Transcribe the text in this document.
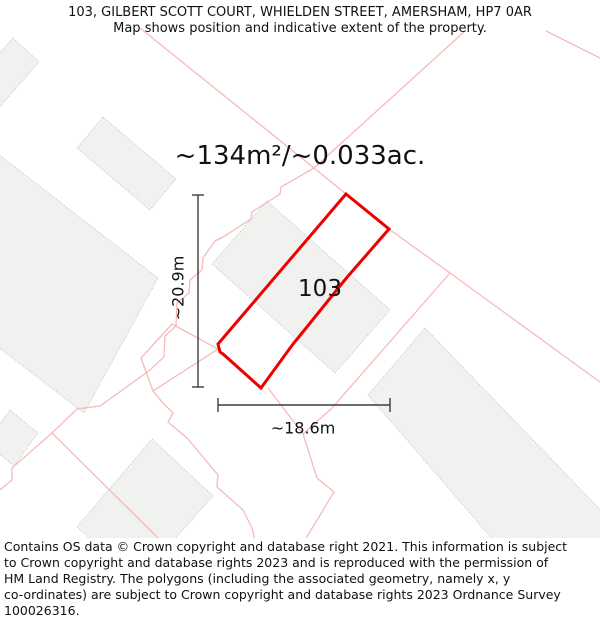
103, GILBERT SCOTT COURT, WHIELDEN STREET, AMERSHAM, HP7 0AR
Map shows position and indicative extent of the property.
~134m²/~0.033ac.
103
~20.9m
~18.6m
Contains OS data © Crown copyright and database right 2021. This information is subject
to Crown copyright and database rights 2023 and is reproduced with the permission of
HM Land Registry. The polygons (including the associated geometry, namely x, y
co-ordinates) are subject to Crown copyright and database rights 2023 Ordnance Survey
100026316.
